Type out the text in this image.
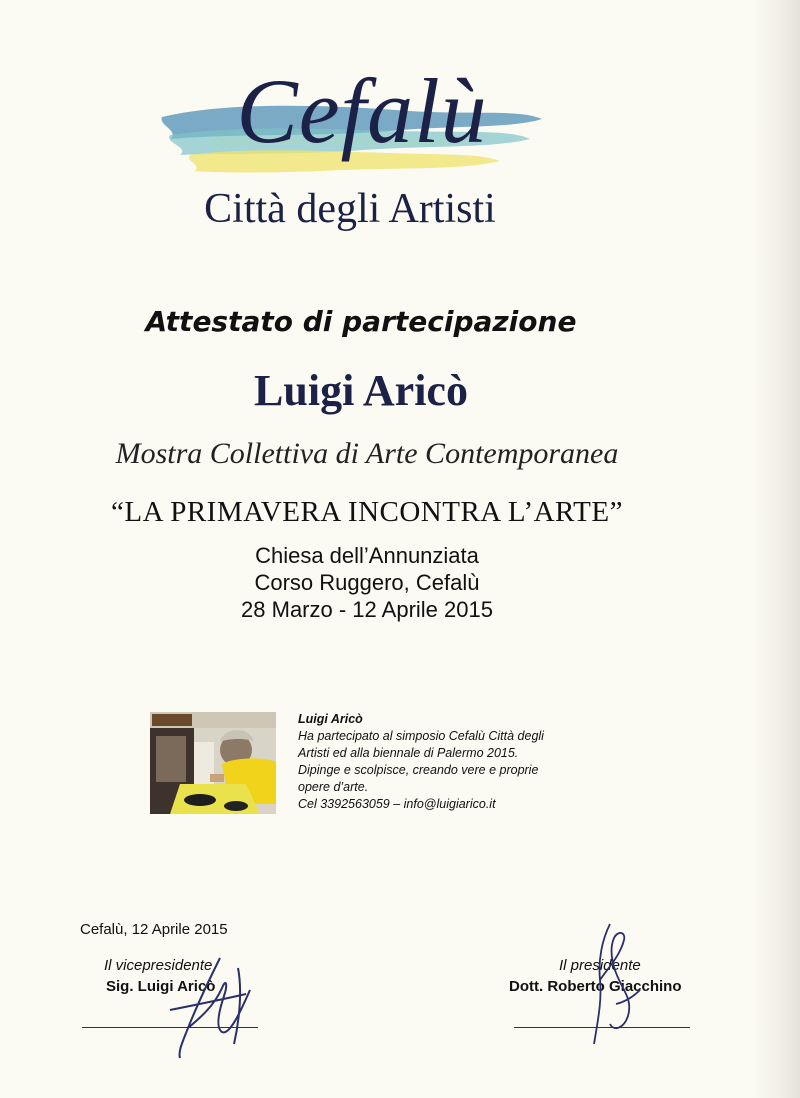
Cefalù
Città degli Artisti
Attestato di partecipazione
Luigi Aricò
Mostra Collettiva di Arte Contemporanea
“LA PRIMAVERA INCONTRA L’ARTE”
Chiesa dell’Annunziata
Corso Ruggero, Cefalù
28 Marzo - 12 Aprile 2015
Luigi Aricò
Ha partecipato al simposio Cefalù Città degli
Artisti ed alla biennale di Palermo 2015.
Dipinge e scolpisce, creando vere e proprie
opere d’arte.
Cel 3392563059 – info@luigiarico.it
Cefalù, 12 Aprile 2015
Il vicepresidente
Sig. Luigi Aricò
Il presidente
Dott. Roberto Giacchino
